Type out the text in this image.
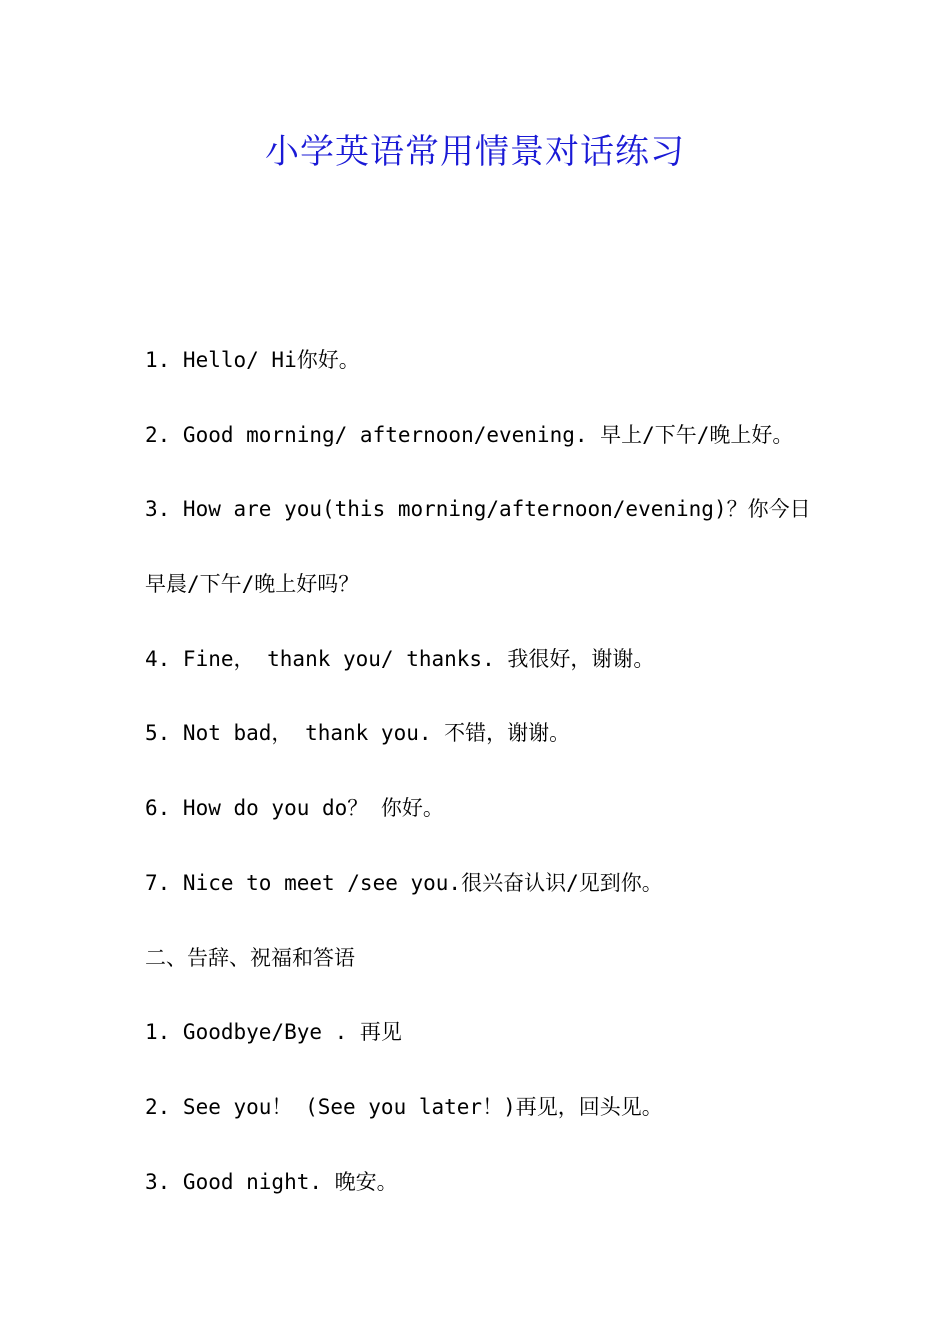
小学英语常用情景对话练习
1. Hello/ Hi你好。
2. Good morning/ afternoon/evening. 早上/下午/晚上好。
3. How are you(this morning/afternoon/evening)？你今日
早晨/下午/晚上好吗？
4. Fine， thank you/ thanks. 我很好，谢谢。
5. Not bad， thank you. 不错，谢谢。
6. How do you do？ 你好。
7. Nice to meet /see you.很兴奋认识/见到你。
二、告辞、祝福和答语
1. Goodbye/Bye . 再见
2. See you！ (See you later！)再见，回头见。
3. Good night. 晚安。
